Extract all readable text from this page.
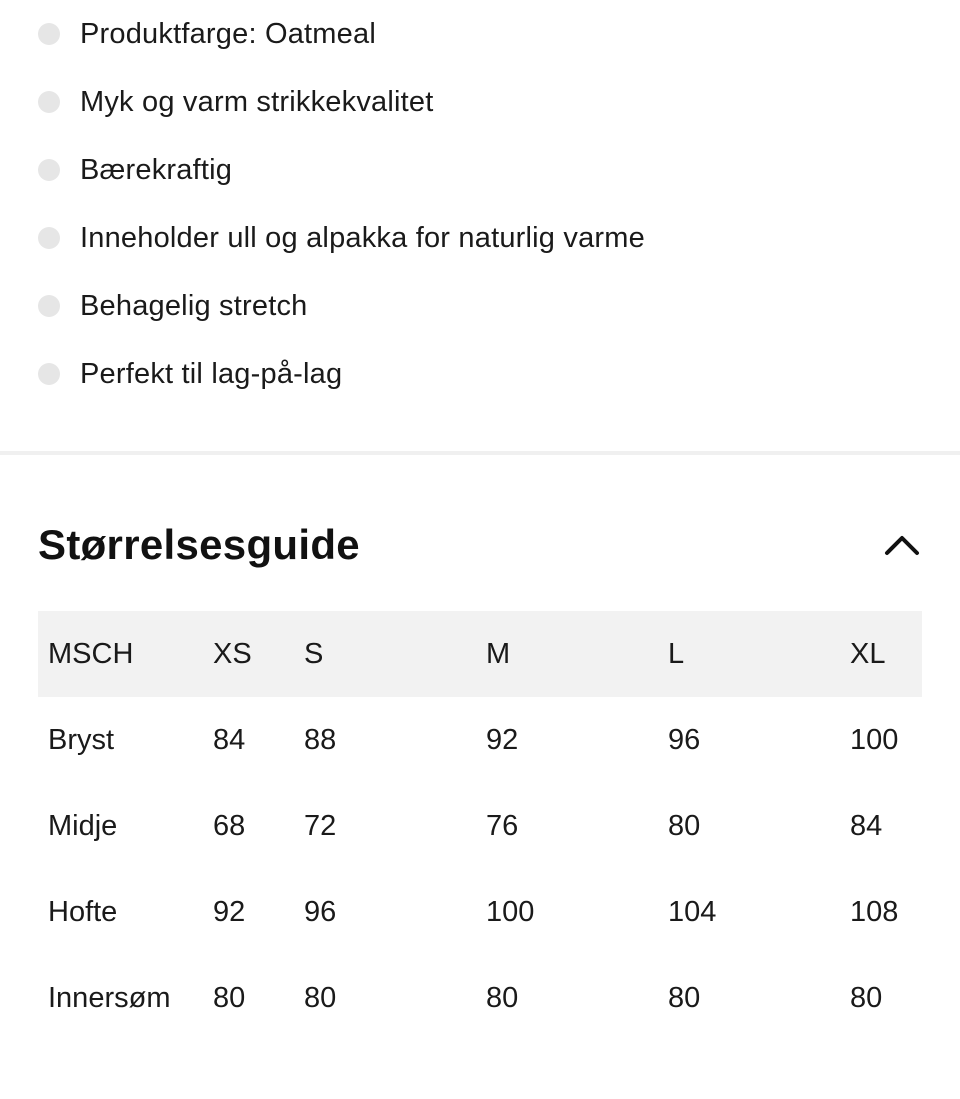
Produktfarge: Oatmeal
Myk og varm strikkekvalitet
Bærekraftig
Inneholder ull og alpakka for naturlig varme
Behagelig stretch
Perfekt til lag-på-lag
Størrelsesguide
MSCH	XS	S	M	L	XL
Bryst	84	88	92	96	100
Midje	68	72	76	80	84
Hofte	92	96	100	104	108
Innersøm	80	80	80	80	80
